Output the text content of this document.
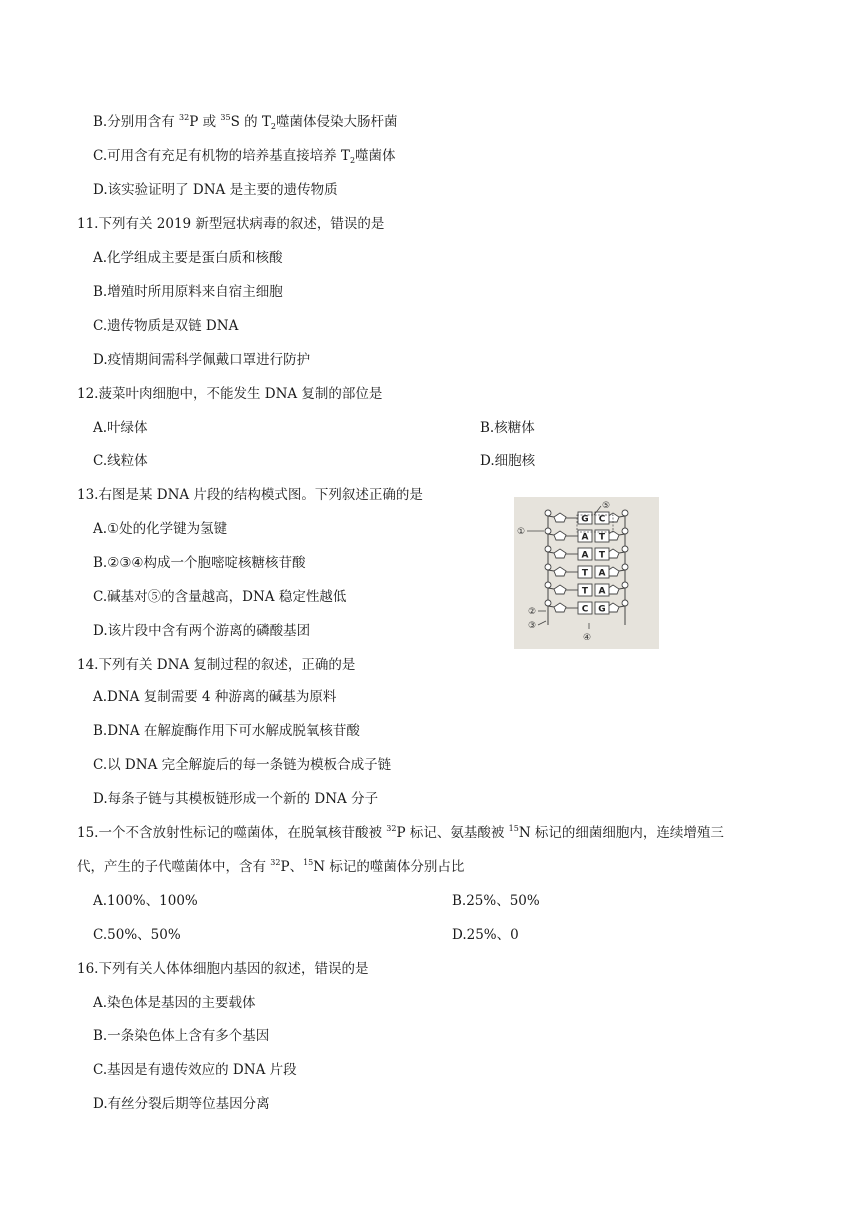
B.分别用含有 $^{32}$P 或 $^{35}$S 的 $T_2$噬菌体侵染大肠杆菌
C.可用含有充足有机物的培养基直接培养 $T_2$噬菌体
D.该实验证明了 DNA 是主要的遗传物质
11.下列有关 2019 新型冠状病毒的叙述，错误的是
A.化学组成主要是蛋白质和核酸
B.增殖时所用原料来自宿主细胞
C.遗传物质是双链 DNA
D.疫情期间需科学佩戴口罩进行防护
12.菠菜叶肉细胞中，不能发生 DNA 复制的部位是
A.叶绿体	B.核糖体
C.线粒体	D.细胞核
13.右图是某 DNA 片段的结构模式图。下列叙述正确的是
A.①处的化学键为氢键
B.②③④构成一个胞嘧啶核糖核苷酸
C.碱基对⑤的含量越高，DNA 稳定性越低
D.该片段中含有两个游离的磷酸基团
G C
A T
A T
T A
T A
C G
①
②
③
④
⑤
14.下列有关 DNA 复制过程的叙述，正确的是
A.DNA 复制需要 4 种游离的碱基为原料
B.DNA 在解旋酶作用下可水解成脱氧核苷酸
C.以 DNA 完全解旋后的每一条链为模板合成子链
D.每条子链与其模板链形成一个新的 DNA 分子
15.一个不含放射性标记的噬菌体，在脱氧核苷酸被 $^{32}$P 标记、氨基酸被 $^{15}$N 标记的细菌细胞内，连续增殖三
代，产生的子代噬菌体中，含有 $^{32}$P、$^{15}$N 标记的噬菌体分别占比
A.100%、100%	B.25%、50%
C.50%、50%	D.25%、0
16.下列有关人体体细胞内基因的叙述，错误的是
A.染色体是基因的主要载体
B.一条染色体上含有多个基因
C.基因是有遗传效应的 DNA 片段
D.有丝分裂后期等位基因分离
